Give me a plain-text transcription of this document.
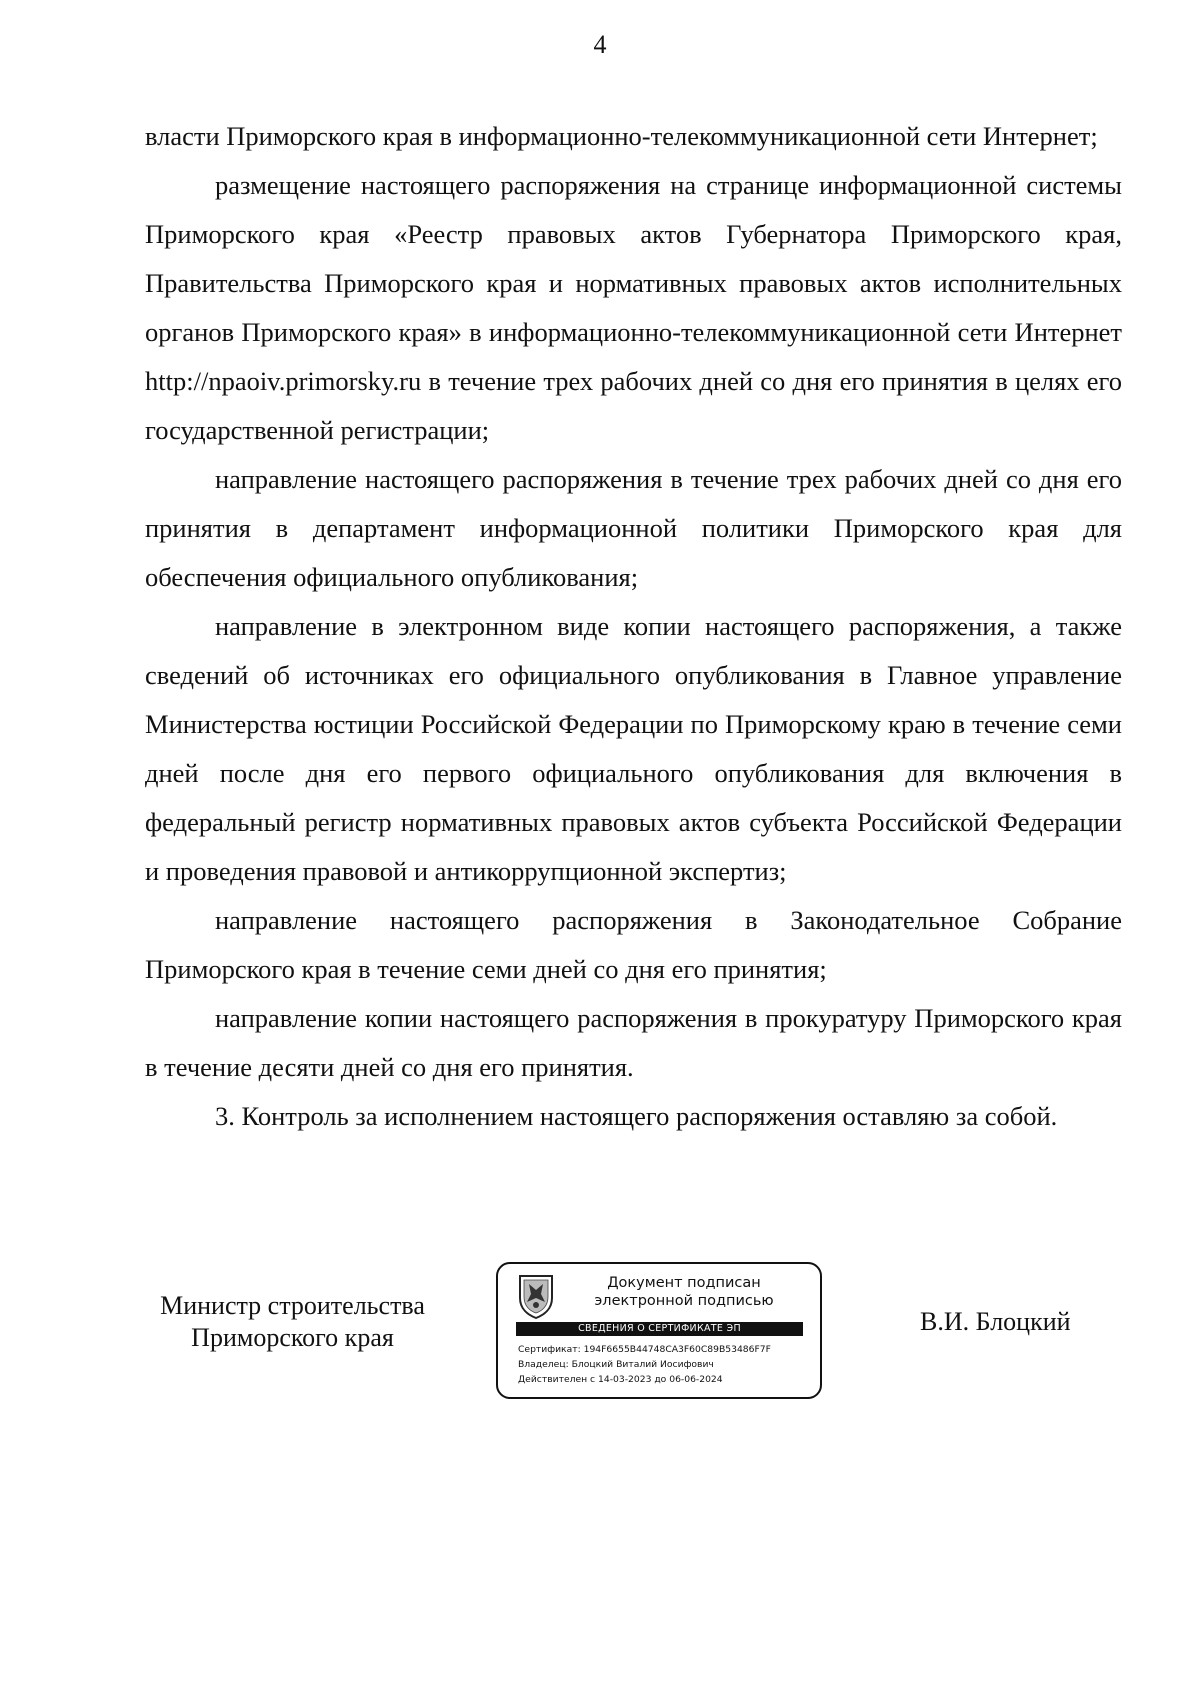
4

власти Приморского края в информационно-телекоммуникационной сети Интернет;

размещение настоящего распоряжения на странице информационной системы Приморского края «Реестр правовых актов Губернатора Приморского края, Правительства Приморского края и нормативных правовых актов исполнительных органов Приморского края» в информационно-телекоммуникационной сети Интернет http://npaoiv.primorsky.ru в течение трех рабочих дней со дня его принятия в целях его государственной регистрации;

направление настоящего распоряжения в течение трех рабочих дней со дня его принятия в департамент информационной политики Приморского края для обеспечения официального опубликования;

направление в электронном виде копии настоящего распоряжения, а также сведений об источниках его официального опубликования в Главное управление Министерства юстиции Российской Федерации по Приморскому краю в течение семи дней после дня его первого официального опубликования для включения в федеральный регистр нормативных правовых актов субъекта Российской Федерации и проведения правовой и антикоррупционной экспертиз;

направление настоящего распоряжения в Законодательное Собрание Приморского края в течение семи дней со дня его принятия;

направление копии настоящего распоряжения в прокуратуру Приморского края в течение десяти дней со дня его принятия.

3. Контроль за исполнением настоящего распоряжения оставляю за собой.

Министр строительства
Приморского края
Документ подписан
электронной подписью
СВЕДЕНИЯ О СЕРТИФИКАТЕ ЭП
Сертификат: 194F6655B44748CA3F60C89B53486F7F
Владелец: Блоцкий Виталий Иосифович
Действителен с 14-03-2023 до 06-06-2024
В.И. Блоцкий
